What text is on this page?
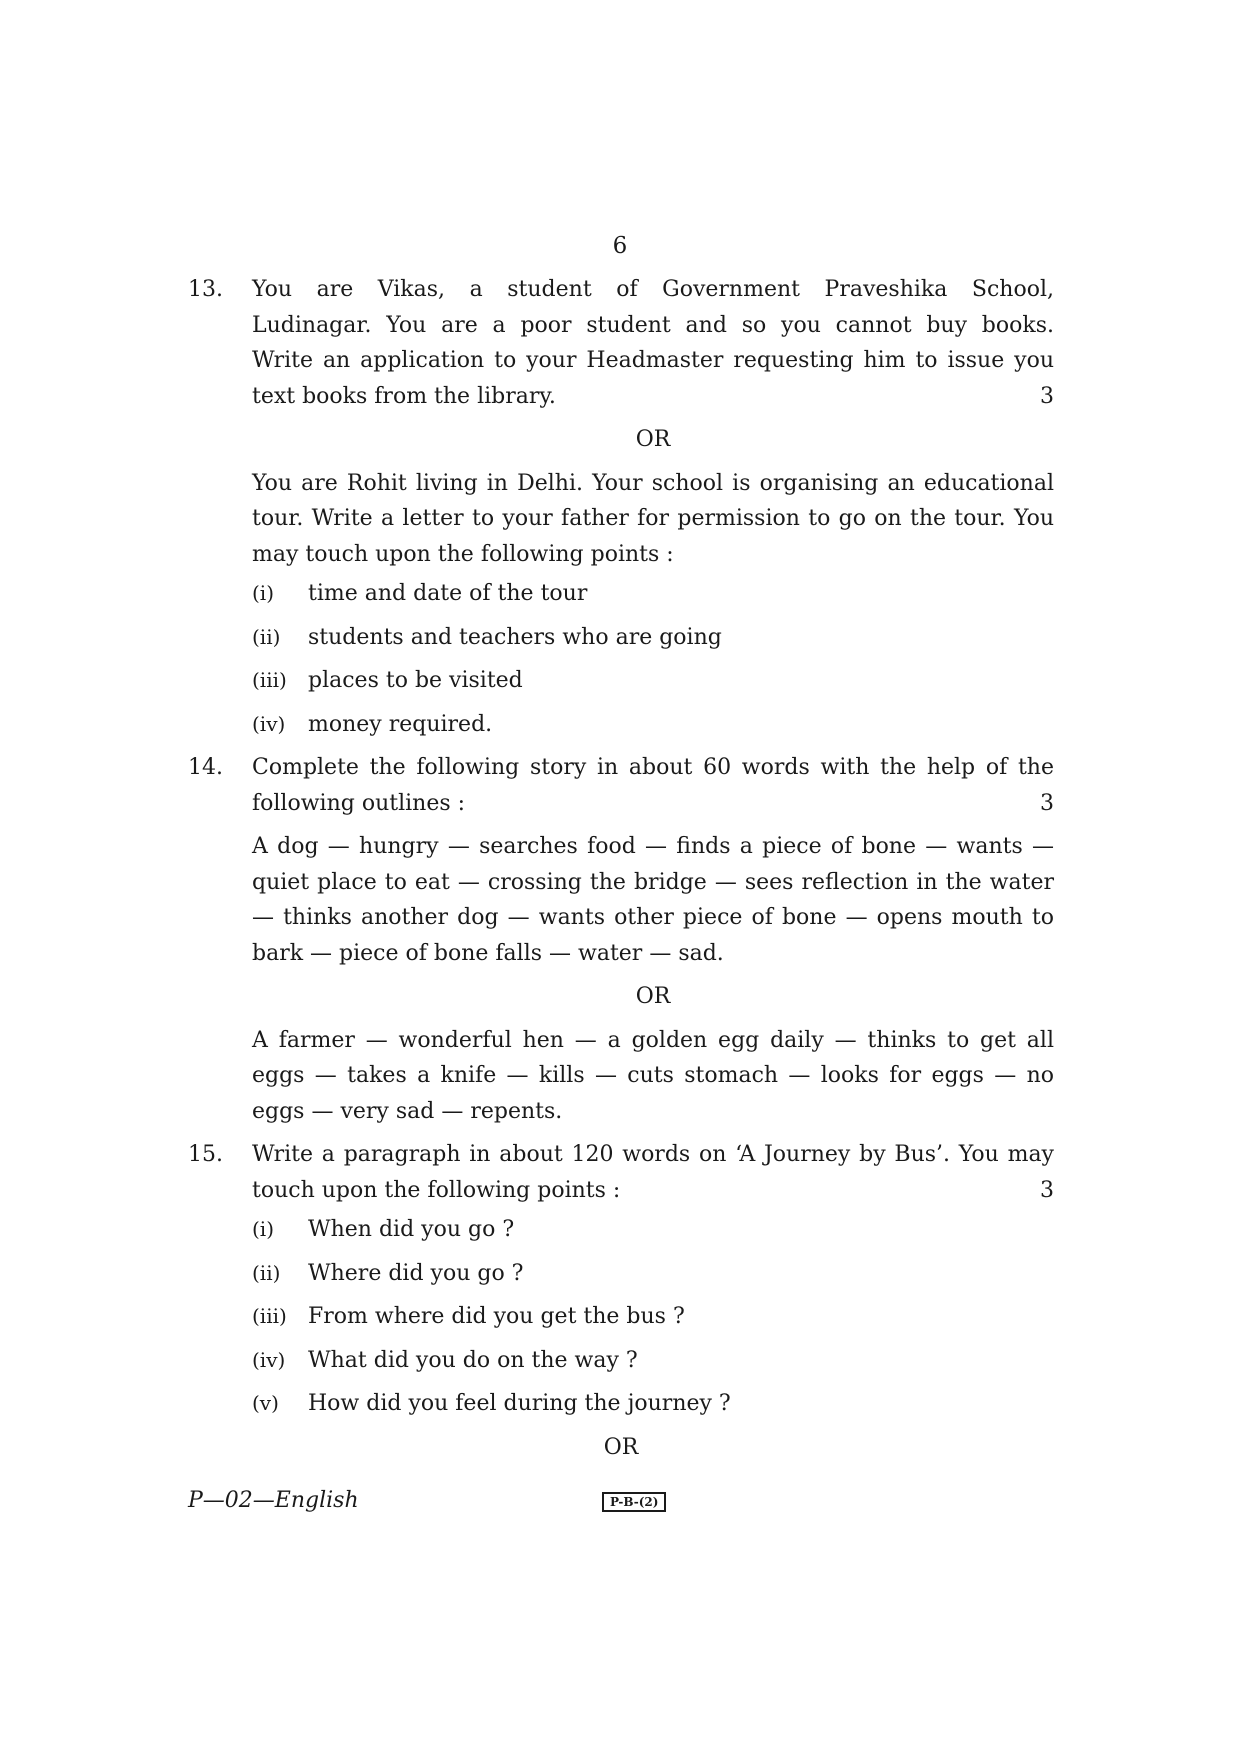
6
13. You are Vikas, a student of Government Praveshika School,
Ludinagar. You are a poor student and so you cannot buy books.
Write an application to your Headmaster requesting him to issue you
text books from the library.	3
OR
You are Rohit living in Delhi. Your school is organising an educational
tour. Write a letter to your father for permission to go on the tour. You
may touch upon the following points :
(i)	time and date of the tour
(ii)	students and teachers who are going
(iii) places to be visited
(iv)	money required.
14. Complete the following story in about 60 words with the help of the
following outlines :	3
A dog — hungry — searches food — finds a piece of bone — wants —
quiet place to eat — crossing the bridge — sees reflection in the water
— thinks another dog — wants other piece of bone — opens mouth to
bark — piece of bone falls — water — sad.
OR
A farmer — wonderful hen — a golden egg daily — thinks to get all
eggs — takes a knife — kills — cuts stomach — looks for eggs — no
eggs — very sad — repents.
15. Write a paragraph in about 120 words on ‘A Journey by Bus’. You may
touch upon the following points :	3
(i)	When did you go ?
(ii)	Where did you go ?
(iii) From where did you get the bus ?
(iv)	What did you do on the way ?
(v)	How did you feel during the journey ?
OR
P—02—English	P-B-(2)
